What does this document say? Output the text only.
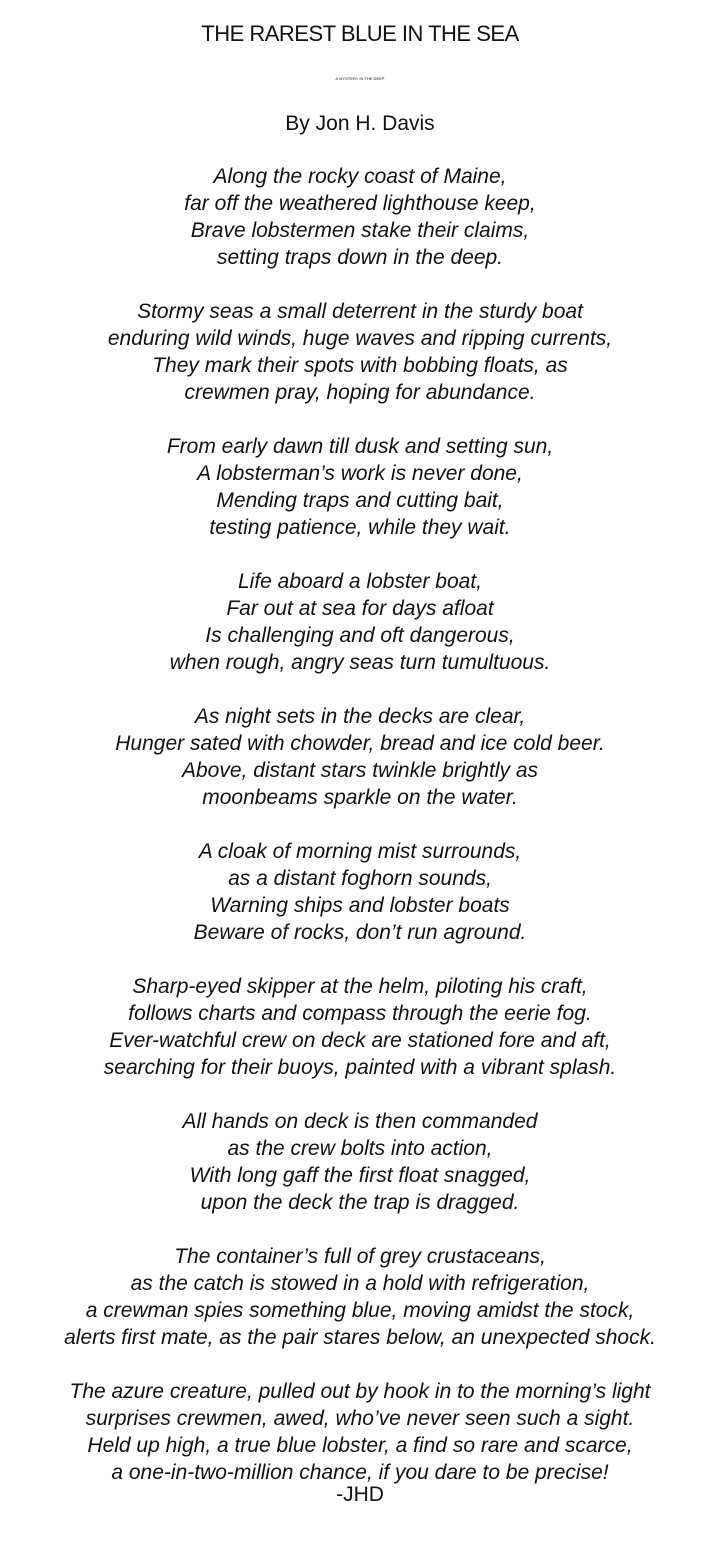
THE RAREST BLUE IN THE SEA
A MYSTERY IN THE DEEP

By Jon H. Davis

Along the rocky coast of Maine,
far off the weathered lighthouse keep,
Brave lobstermen stake their claims,
setting traps down in the deep.
Stormy seas a small deterrent in the sturdy boat
enduring wild winds, huge waves and ripping currents,
They mark their spots with bobbing floats, as
crewmen pray, hoping for abundance.
From early dawn till dusk and setting sun,
A lobsterman’s work is never done,
Mending traps and cutting bait,
testing patience, while they wait.
Life aboard a lobster boat,
Far out at sea for days afloat
Is challenging and oft dangerous,
when rough, angry seas turn tumultuous.
As night sets in the decks are clear,
Hunger sated with chowder, bread and ice cold beer.
Above, distant stars twinkle brightly as
moonbeams sparkle on the water.
A cloak of morning mist surrounds,
as a distant foghorn sounds,
Warning ships and lobster boats
Beware of rocks, don’t run aground.
Sharp-eyed skipper at the helm, piloting his craft,
follows charts and compass through the eerie fog.
Ever-watchful crew on deck are stationed fore and aft,
searching for their buoys, painted with a vibrant splash.
All hands on deck is then commanded
as the crew bolts into action,
With long gaff the first float snagged,
upon the deck the trap is dragged.
The container’s full of grey crustaceans,
as the catch is stowed in a hold with refrigeration,
a crewman spies something blue, moving amidst the stock,
alerts first mate, as the pair stares below, an unexpected shock.
The azure creature, pulled out by hook in to the morning’s light
surprises crewmen, awed, who’ve never seen such a sight.
Held up high, a true blue lobster, a find so rare and scarce,
a one-in-two-million chance, if you dare to be precise!

-JHD
